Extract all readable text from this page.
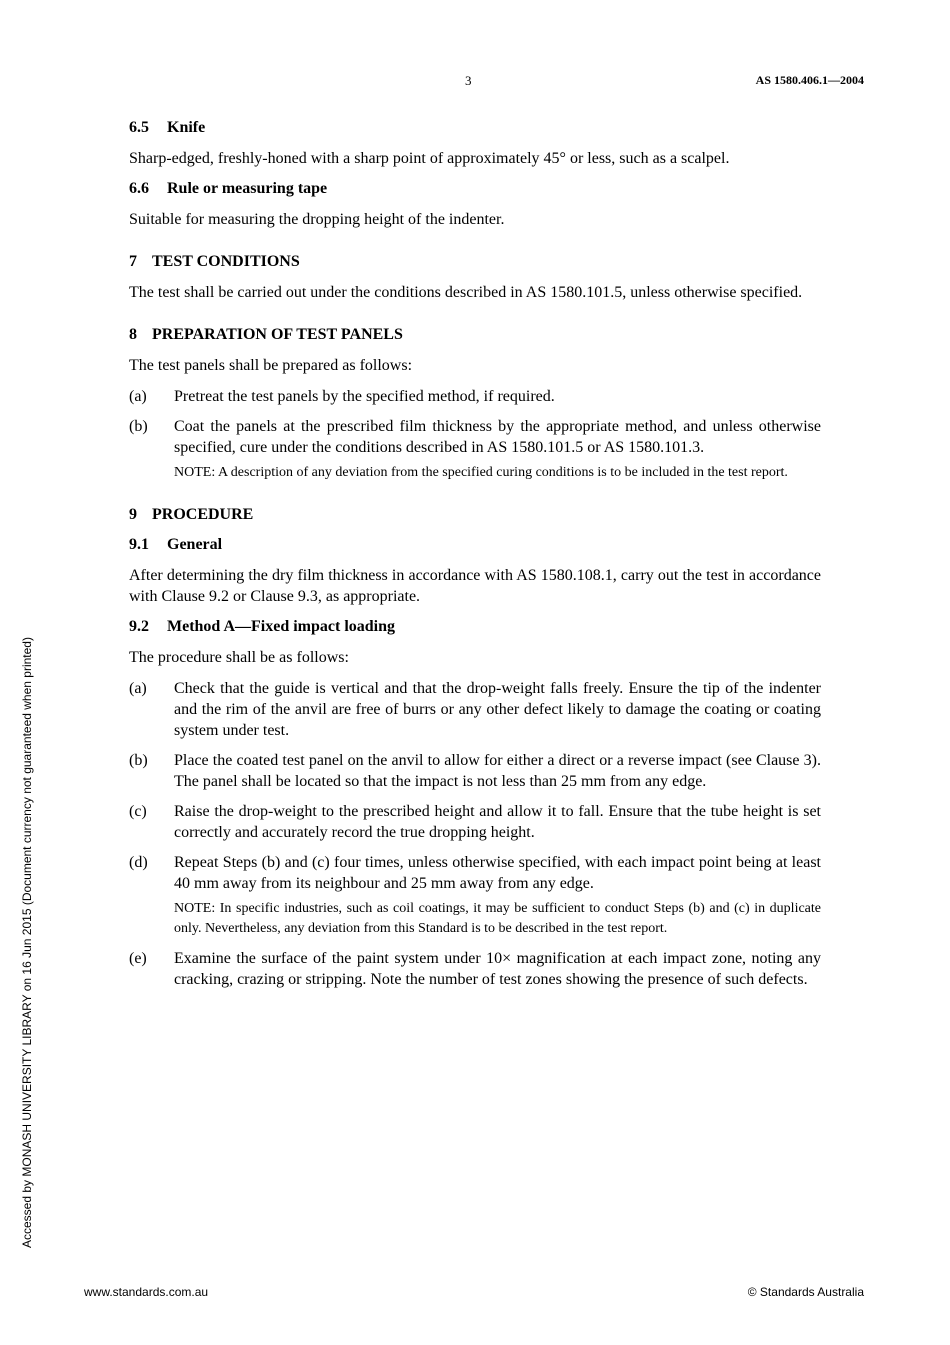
3	AS 1580.406.1—2004
6.5 Knife

Sharp-edged, freshly-honed with a sharp point of approximately 45° or less, such as a scalpel.

6.6 Rule or measuring tape

Suitable for measuring the dropping height of the indenter.

7 TEST CONDITIONS

The test shall be carried out under the conditions described in AS 1580.101.5, unless otherwise specified.

8 PREPARATION OF TEST PANELS

The test panels shall be prepared as follows:

(a)	Pretreat the test panels by the specified method, if required.
(b)	Coat the panels at the prescribed film thickness by the appropriate method, and unless otherwise specified, cure under the conditions described in AS 1580.101.5 or AS 1580.101.3.
NOTE: A description of any deviation from the specified curing conditions is to be included in the test report.
9 PROCEDURE
9.1 General

After determining the dry film thickness in accordance with AS 1580.108.1, carry out the test in accordance with Clause 9.2 or Clause 9.3, as appropriate.

9.2 Method A—Fixed impact loading

The procedure shall be as follows:

(a)	Check that the guide is vertical and that the drop-weight falls freely. Ensure the tip of the indenter and the rim of the anvil are free of burrs or any other defect likely to damage the coating or coating system under test.
(b)	Place the coated test panel on the anvil to allow for either a direct or a reverse impact (see Clause 3). The panel shall be located so that the impact is not less than 25 mm from any edge.
(c)	Raise the drop-weight to the prescribed height and allow it to fall. Ensure that the tube height is set correctly and accurately record the true dropping height.
(d)	Repeat Steps (b) and (c) four times, unless otherwise specified, with each impact point being at least 40 mm away from its neighbour and 25 mm away from any edge.
NOTE: In specific industries, such as coil coatings, it may be sufficient to conduct Steps (b) and (c) in duplicate only. Nevertheless, any deviation from this Standard is to be described in the test report.
(e)	Examine the surface of the paint system under 10× magnification at each impact zone, noting any cracking, crazing or stripping. Note the number of test zones showing the presence of such defects.
Accessed by MONASH UNIVERSITY LIBRARY on 16 Jun 2015 (Document currency not guaranteed when printed)
www.standards.com.au	© Standards Australia
